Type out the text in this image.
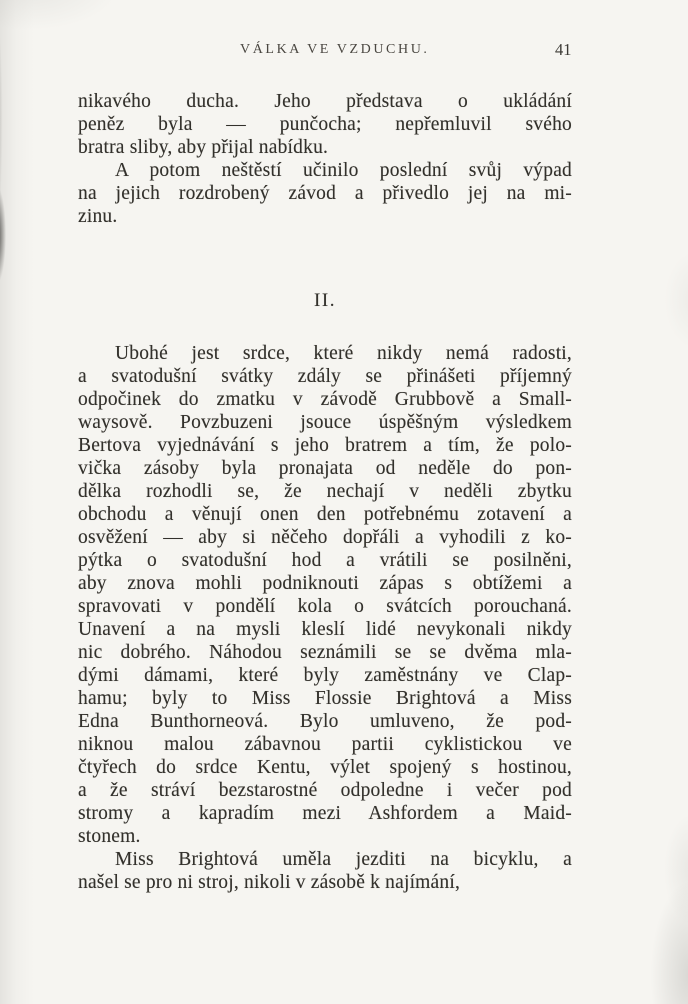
VÁLKA VE VZDUCHU.	41
nikavého ducha. Jeho představa o ukládání
peněz byla — punčocha; nepřemluvil svého
bratra sliby, aby přijal nabídku.
A potom neštěstí učinilo poslední svůj výpad
na jejich rozdrobený závod a přivedlo jej na mi-
zinu.
II.
Ubohé jest srdce, které nikdy nemá radosti,
a svatodušní svátky zdály se přinášeti příjemný
odpočinek do zmatku v závodě Grubbově a Small-
waysově. Povzbuzeni jsouce úspěšným výsledkem
Bertova vyjednávání s jeho bratrem a tím, že polo-
vička zásoby byla pronajata od neděle do pon-
dělka rozhodli se, že nechají v neděli zbytku
obchodu a věnují onen den potřebnému zotavení a
osvěžení — aby si něčeho dopřáli a vyhodili z ko-
pýtka o svatodušní hod a vrátili se posilněni,
aby znova mohli podniknouti zápas s obtížemi a
spravovati v pondělí kola o svátcích porouchaná.
Unavení a na mysli kleslí lidé nevykonali nikdy
nic dobrého. Náhodou seznámili se se dvěma mla-
dými dámami, které byly zaměstnány ve Clap-
hamu; byly to Miss Flossie Brightová a Miss
Edna Bunthorneová. Bylo umluveno, že pod-
niknou malou zábavnou partii cyklistickou ve
čtyřech do srdce Kentu, výlet spojený s hostinou,
a že stráví bezstarostné odpoledne i večer pod
stromy a kapradím mezi Ashfordem a Maid-
stonem.
Miss Brightová uměla jezditi na bicyklu, a
našel se pro ni stroj, nikoli v zásobě k najímání,
